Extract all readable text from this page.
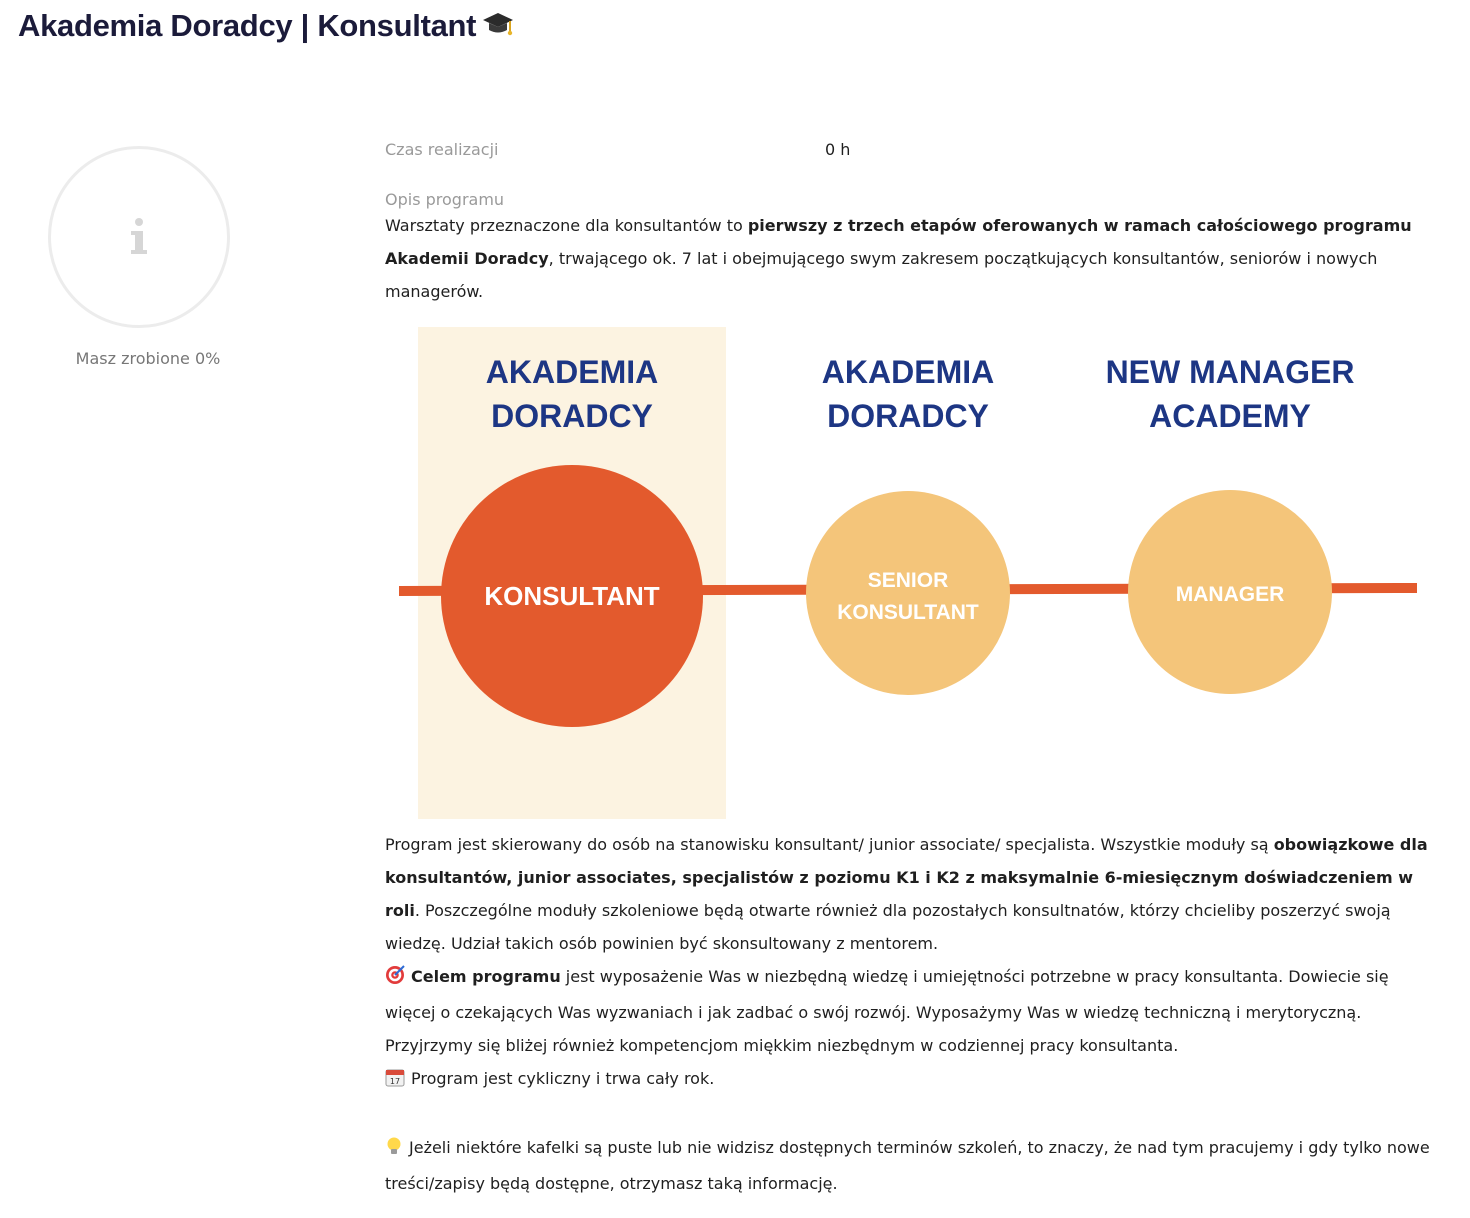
Akademia Doradcy | Konsultant
Masz zrobione 0%
Czas realizacji	0 h
Opis programu

Warsztaty przeznaczone dla konsultantów to pierwszy z trzech etapów oferowanych w ramach całościowego programu Akademii Doradcy, trwającego ok. 7 lat i obejmującego swym zakresem początkujących konsultantów, seniorów i nowych managerów.

AKADEMIA
DORADCY
KONSULTANT
AKADEMIA
DORADCY
SENIOR
KONSULTANT
NEW MANAGER
ACADEMY
MANAGER

Program jest skierowany do osób na stanowisku konsultant/ junior associate/ specjalista. Wszystkie moduły są obowiązkowe dla konsultantów, junior associates, specjalistów z poziomu K1 i K2 z maksymalnie 6-miesięcznym doświadczeniem w roli. Poszczególne moduły szkoleniowe będą otwarte również dla pozostałych konsultnatów, którzy chcieliby poszerzyć swoją wiedzę. Udział takich osób powinien być skonsultowany z mentorem.

Celem programu jest wyposażenie Was w niezbędną wiedzę i umiejętności potrzebne w pracy konsultanta. Dowiecie się więcej o czekających Was wyzwaniach i jak zadbać o swój rozwój. Wyposażymy Was w wiedzę techniczną i merytoryczną. Przyjrzymy się bliżej również kompetencjom miękkim niezbędnym w codziennej pracy konsultanta.

17 Program jest cykliczny i trwa cały rok.

Jeżeli niektóre kafelki są puste lub nie widzisz dostępnych terminów szkoleń, to znaczy, że nad tym pracujemy i gdy tylko nowe treści/zapisy będą dostępne, otrzymasz taką informację.
